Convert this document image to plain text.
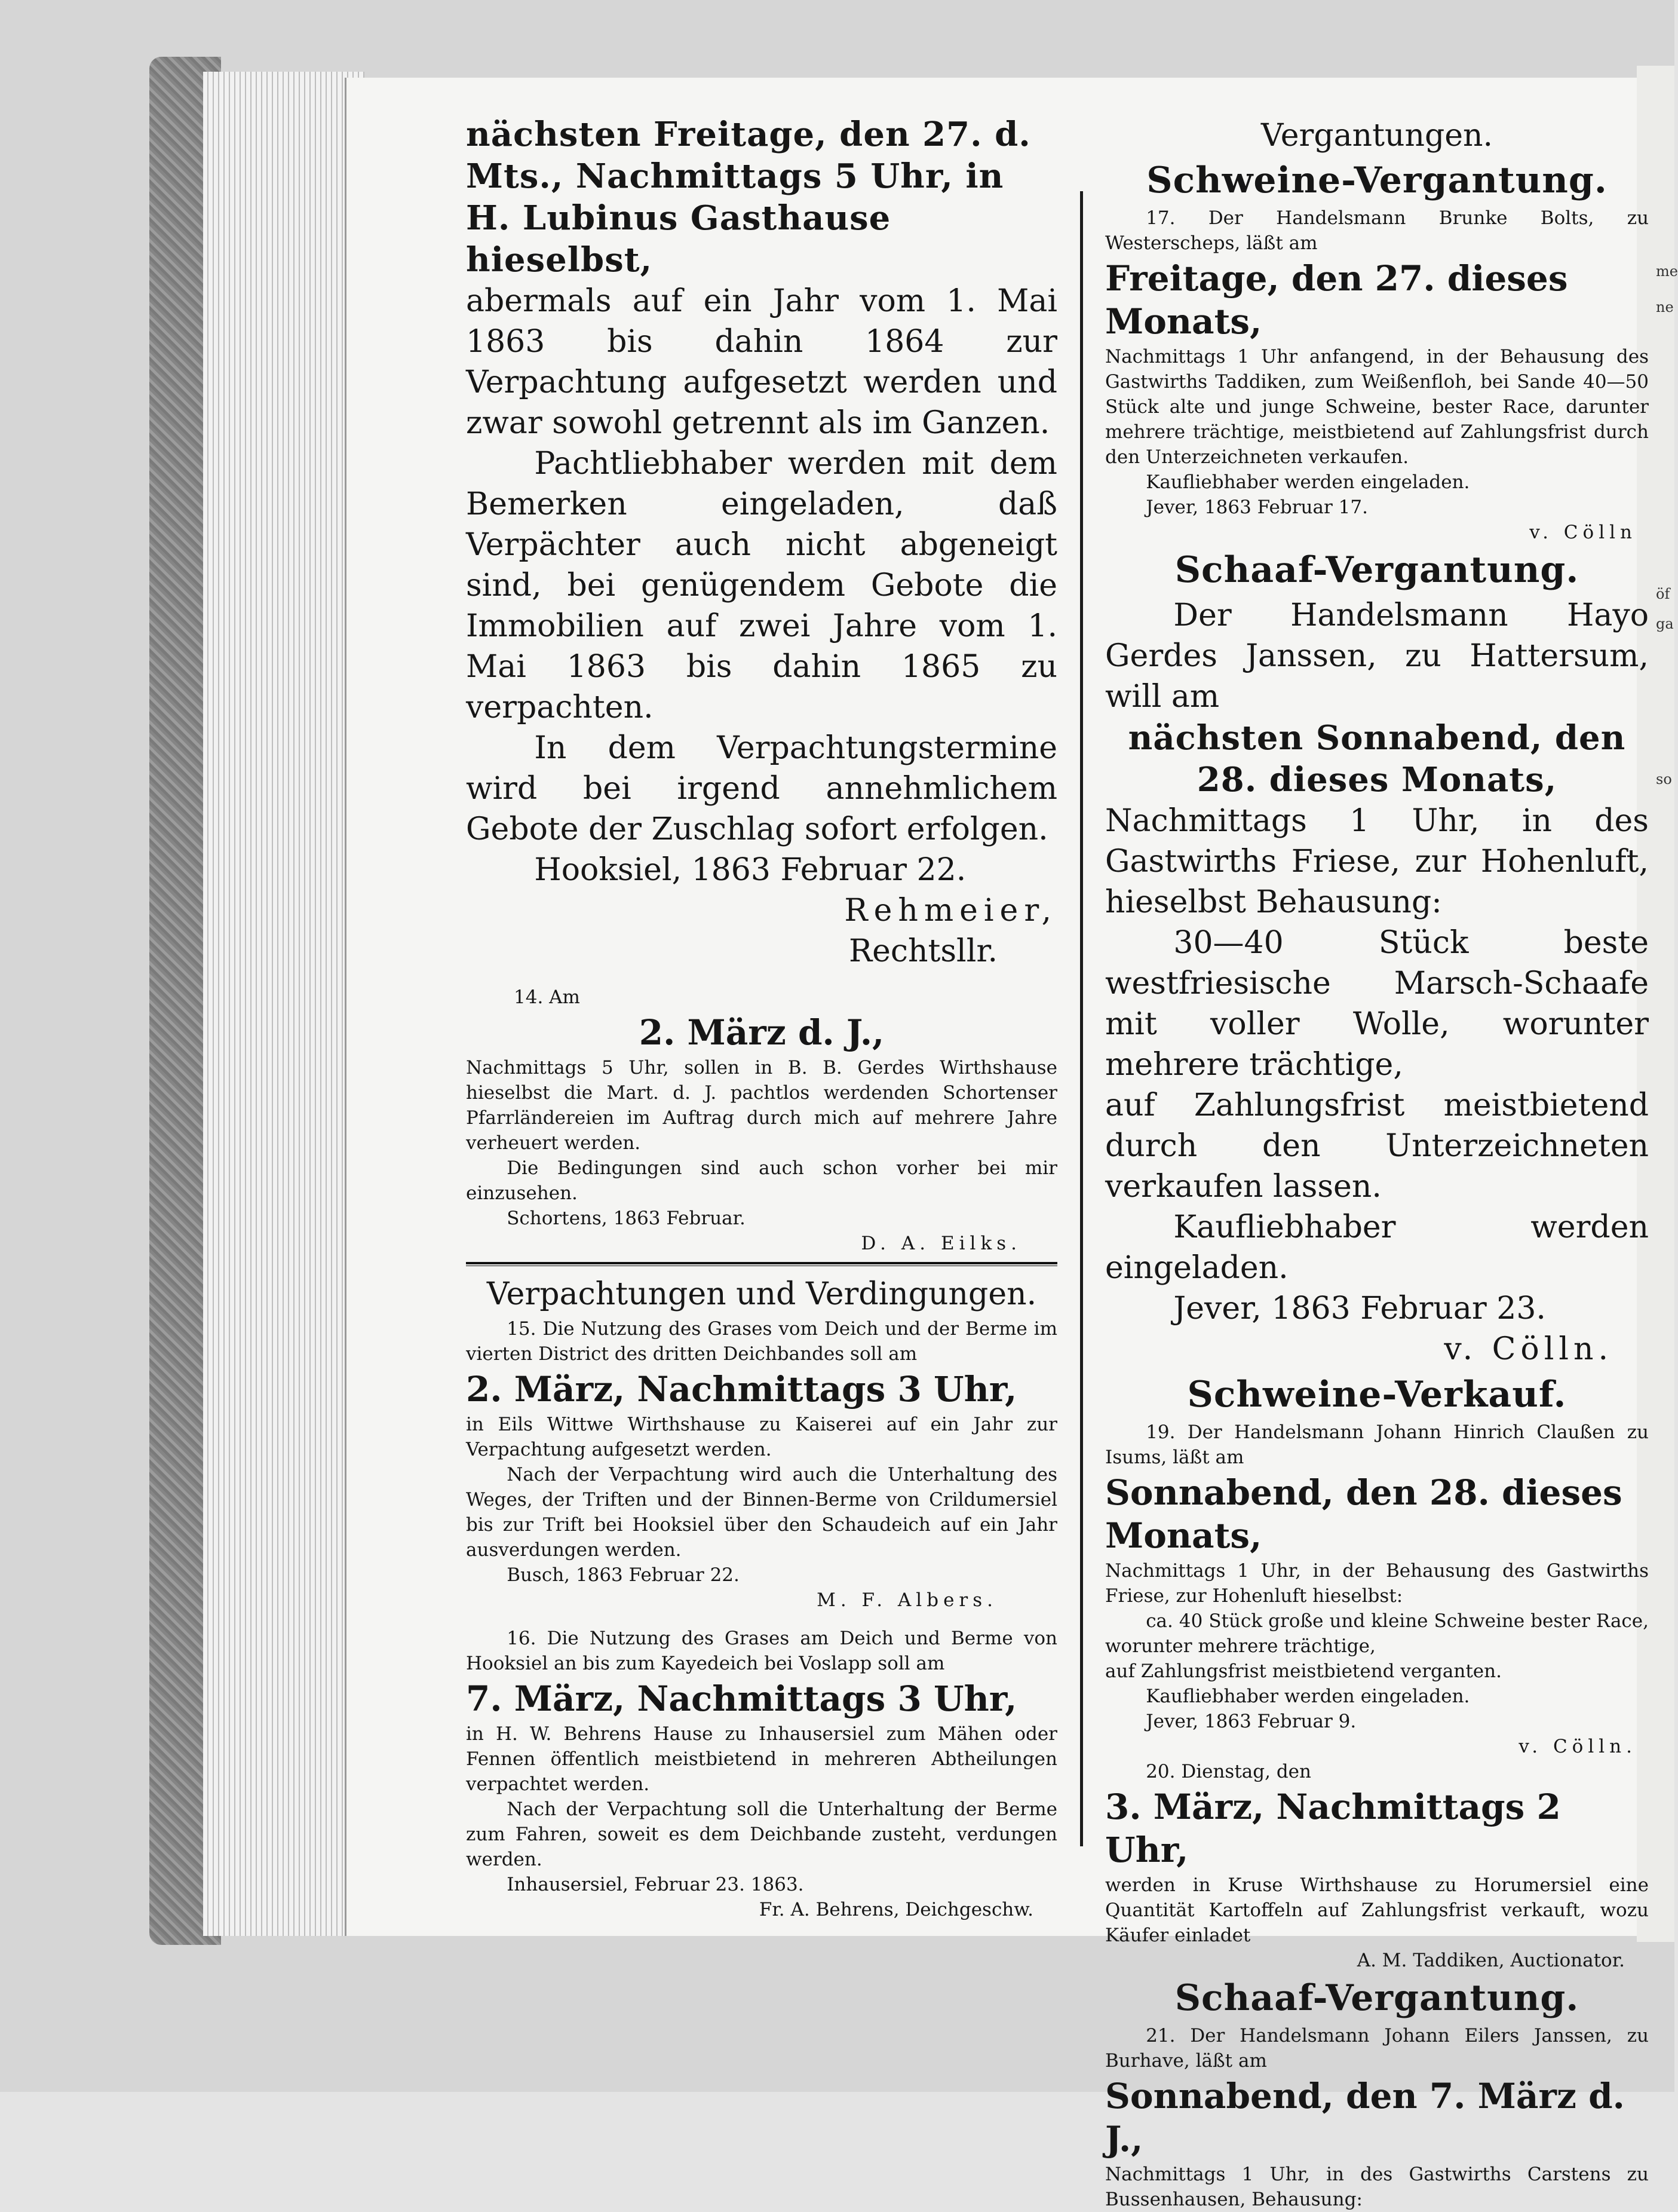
me
ne
öf
ga
so

nächsten Freitage, den 27. d.

Mts., Nachmittags 5 Uhr, in

H. Lubinus Gasthause hieselbst,

abermals auf ein Jahr vom 1. Mai 1863 bis dahin 1864 zur Verpachtung aufgesetzt werden und zwar sowohl getrennt als im Ganzen.

Pachtliebhaber werden mit dem Bemerken eingeladen, daß Verpächter auch nicht abgeneigt sind, bei genügendem Gebote die Immobilien auf zwei Jahre vom 1. Mai 1863 bis dahin 1865 zu verpachten.

In dem Verpachtungstermine wird bei irgend annehmlichem Gebote der Zuschlag sofort erfolgen.

Hooksiel, 1863 Februar 22.

Rehmeier,

Rechtsllr.

14. Am

2. März d. J.,

Nachmittags 5 Uhr, sollen in B. B. Gerdes Wirthshause hieselbst die Mart. d. J. pachtlos werdenden Schortenser Pfarrländereien im Auftrag durch mich auf mehrere Jahre verheuert werden.

Die Bedingungen sind auch schon vorher bei mir einzusehen.

Schortens, 1863 Februar.

D. A. Eilks.

Verpachtungen und Verdingungen.

15. Die Nutzung des Grases vom Deich und der Berme im vierten District des dritten Deichbandes soll am

2. März, Nachmittags 3 Uhr,

in Eils Wittwe Wirthshause zu Kaiserei auf ein Jahr zur Verpachtung aufgesetzt werden.

Nach der Verpachtung wird auch die Unterhaltung des Weges, der Triften und der Binnen-Berme von Crildumersiel bis zur Trift bei Hooksiel über den Schaudeich auf ein Jahr ausverdungen werden.

Busch, 1863 Februar 22.

M. F. Albers.

16. Die Nutzung des Grases am Deich und Berme von Hooksiel an bis zum Kayedeich bei Voslapp soll am

7. März, Nachmittags 3 Uhr,

in H. W. Behrens Hause zu Inhausersiel zum Mähen oder Fennen öffentlich meistbietend in mehreren Abtheilungen verpachtet werden.

Nach der Verpachtung soll die Unterhaltung der Berme zum Fahren, soweit es dem Deichbande zusteht, verdungen werden.

Inhausersiel, Februar 23. 1863.

Fr. A. Behrens, Deichgeschw.

Vergantungen.

Schweine-Vergantung.

17. Der Handelsmann Brunke Bolts, zu Westerscheps, läßt am

Freitage, den 27. dieses Monats,

Nachmittags 1 Uhr anfangend, in der Behausung des Gastwirths Taddiken, zum Weißenfloh, bei Sande 40—50 Stück alte und junge Schweine, bester Race, darunter mehrere trächtige, meistbietend auf Zahlungsfrist durch den Unterzeichneten verkaufen.

Kaufliebhaber werden eingeladen.

Jever, 1863 Februar 17.

v. Cölln

Schaaf-Vergantung.

Der Handelsmann Hayo Gerdes Janssen, zu Hattersum, will am

nächsten Sonnabend, den

28. dieses Monats,

Nachmittags 1 Uhr, in des Gastwirths Friese, zur Hohenluft, hieselbst Behausung:

30—40 Stück beste westfriesische Marsch-Schaafe mit voller Wolle, worunter mehrere trächtige,

auf Zahlungsfrist meistbietend durch den Unterzeichneten verkaufen lassen.

Kaufliebhaber werden eingeladen.

Jever, 1863 Februar 23.

v. Cölln.

Schweine-Verkauf.

19. Der Handelsmann Johann Hinrich Claußen zu Isums, läßt am

Sonnabend, den 28. dieses Monats,

Nachmittags 1 Uhr, in der Behausung des Gastwirths Friese, zur Hohenluft hieselbst:

ca. 40 Stück große und kleine Schweine bester Race, worunter mehrere trächtige,

auf Zahlungsfrist meistbietend verganten.

Kaufliebhaber werden eingeladen.

Jever, 1863 Februar 9.

v. Cölln.

20. Dienstag, den

3. März, Nachmittags 2 Uhr,

werden in Kruse Wirthshause zu Horumersiel eine Quantität Kartoffeln auf Zahlungsfrist verkauft, wozu Käufer einladet

A. M. Taddiken, Auctionator.

Schaaf-Vergantung.

21. Der Handelsmann Johann Eilers Janssen, zu Burhave, läßt am

Sonnabend, den 7. März d. J.,

Nachmittags 1 Uhr, in des Gastwirths Carstens zu Bussenhausen, Behausung:
